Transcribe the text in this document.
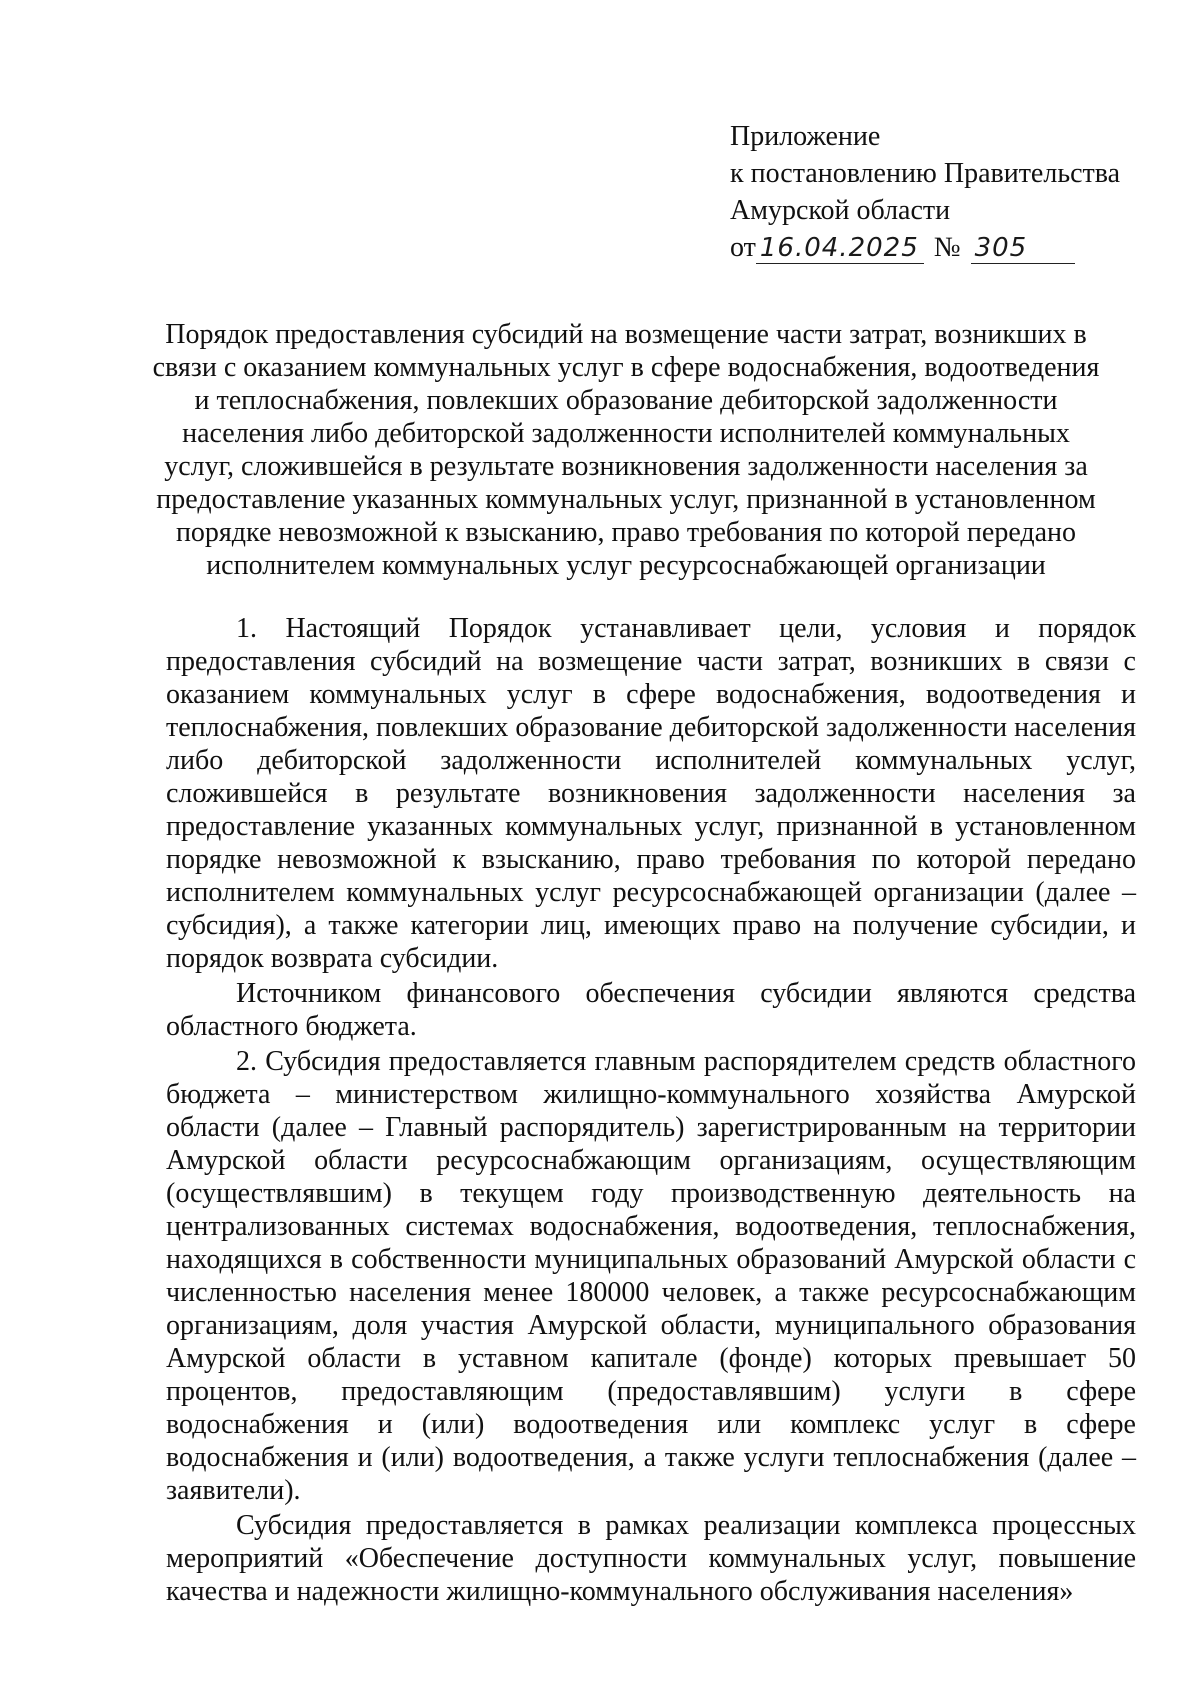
Приложение
к постановлению Правительства
Амурской области
от 16.04.2025 № 305
Порядок предоставления субсидий на возмещение части затрат, возникших в связи с оказанием коммунальных услуг в сфере водоснабжения, водоотведения и теплоснабжения, повлекших образование дебиторской задолженности населения либо дебиторской задолженности исполнителей коммунальных услуг, сложившейся в результате возникновения задолженности населения за предоставление указанных коммунальных услуг, признанной в установленном порядке невозможной к взысканию, право требования по которой передано исполнителем коммунальных услуг ресурсоснабжающей организации

1. Настоящий Порядок устанавливает цели, условия и порядок предоставления субсидий на возмещение части затрат, возникших в связи с оказанием коммунальных услуг в сфере водоснабжения, водоотведения и теплоснабжения, повлекших образование дебиторской задолженности населения либо дебиторской задолженности исполнителей коммунальных услуг, сложившейся в результате возникновения задолженности населения за предоставление указанных коммунальных услуг, признанной в установленном порядке невозможной к взысканию, право требования по которой передано исполнителем коммунальных услуг ресурсоснабжающей организации (далее – субсидия), а также категории лиц, имеющих право на получение субсидии, и порядок возврата субсидии.

Источником финансового обеспечения субсидии являются средства областного бюджета.

2. Субсидия предоставляется главным распорядителем средств областного бюджета – министерством жилищно-коммунального хозяйства Амурской области (далее – Главный распорядитель) зарегистрированным на территории Амурской области ресурсоснабжающим организациям, осуществляющим (осуществлявшим) в текущем году производственную деятельность на централизованных системах водоснабжения, водоотведения, теплоснабжения, находящихся в собственности муниципальных образований Амурской области с численностью населения менее 180000 человек, а также ресурсоснабжающим организациям, доля участия Амурской области, муниципального образования Амурской области в уставном капитале (фонде) которых превышает 50 процентов, предоставляющим (предоставлявшим) услуги в сфере водоснабжения и (или) водоотведения или комплекс услуг в сфере водоснабжения и (или) водоотведения, а также услуги теплоснабжения (далее – заявители).

Субсидия предоставляется в рамках реализации комплекса процессных мероприятий «Обеспечение доступности коммунальных услуг, повышение качества и надежности жилищно-коммунального обслуживания населения»
